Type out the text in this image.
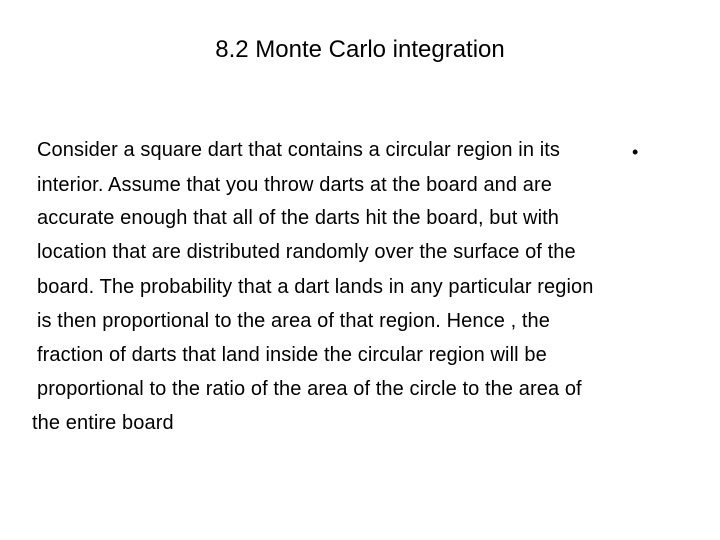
8.2 Monte Carlo integration
•
Consider a square dart that contains a circular region in its
interior. Assume that you throw darts at the board and are
accurate enough that all of the darts hit the board, but with
location that are distributed randomly over the surface of the
board. The probability that a dart lands in any particular region
is then proportional to the area of that region. Hence , the
fraction of darts that land inside the circular region will be
proportional to the ratio of the area of the circle to the area of
the entire board
